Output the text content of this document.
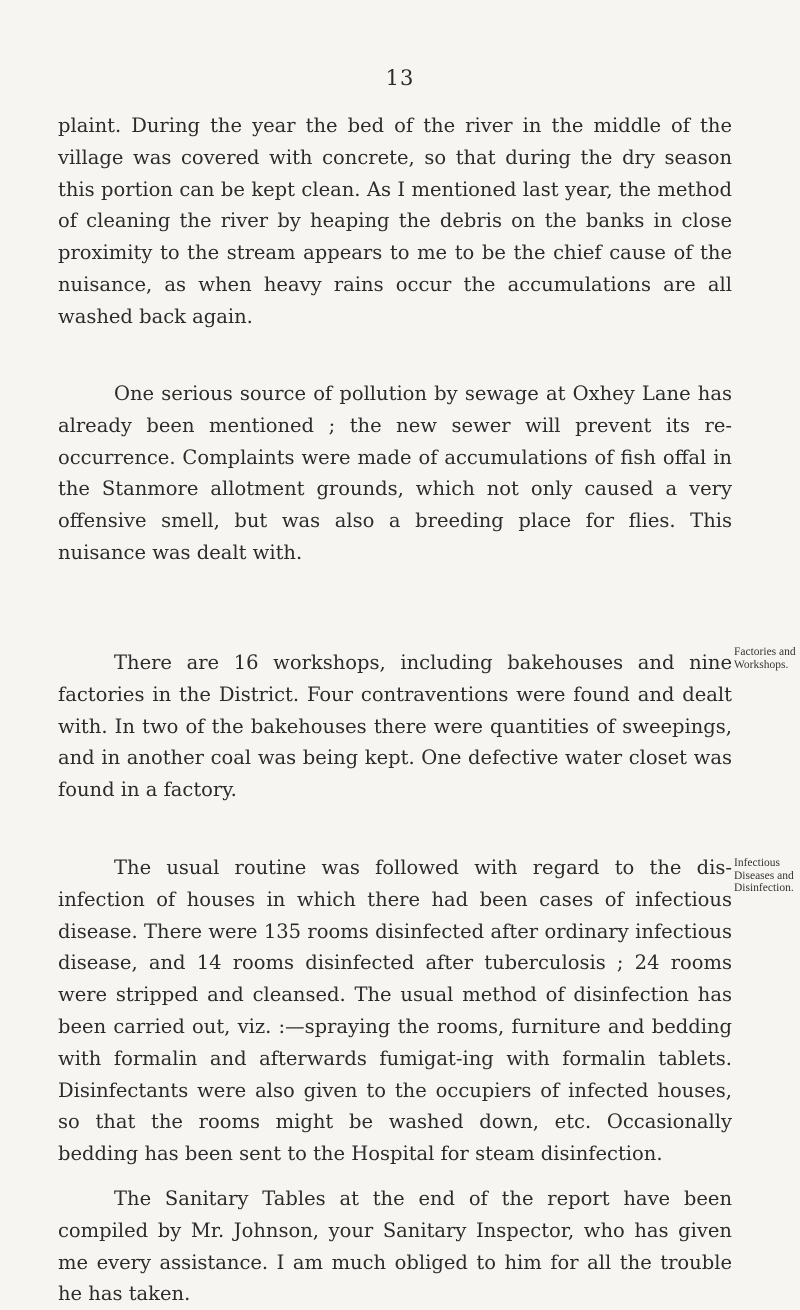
13

plaint. During the year the bed of the river in the middle of the village was covered with concrete, so that during the dry season this portion can be kept clean. As I mentioned last year, the method of cleaning the river by heaping the debris on the banks in close proximity to the stream appears to me to be the chief cause of the nuisance, as when heavy rains occur the accumulations are all washed back again.

One serious source of pollution by sewage at Oxhey Lane has already been mentioned ; the new sewer will prevent its re-occurrence. Complaints were made of accumulations of fish offal in the Stanmore allotment grounds, which not only caused a very offensive smell, but was also a breeding place for flies. This nuisance was dealt with.

There are 16 workshops, including bakehouses and nine factories in the District. Four contraventions were found and dealt with. In two of the bakehouses there were quantities of sweepings, and in another coal was being kept. One defective water closet was found in a factory.

The usual routine was followed with regard to the dis-infection of houses in which there had been cases of infectious disease. There were 135 rooms disinfected after ordinary infectious disease, and 14 rooms disinfected after tuberculosis ; 24 rooms were stripped and cleansed. The usual method of disinfection has been carried out, viz. :—spraying the rooms, furniture and bedding with formalin and afterwards fumigat-ing with formalin tablets. Disinfectants were also given to the occupiers of infected houses, so that the rooms might be washed down, etc. Occasionally bedding has been sent to the Hospital for steam disinfection.

The Sanitary Tables at the end of the report have been compiled by Mr. Johnson, your Sanitary Inspector, who has given me every assistance. I am much obliged to him for all the trouble he has taken.

Factories and Workshops.
Infectious Diseases and Disinfection.
